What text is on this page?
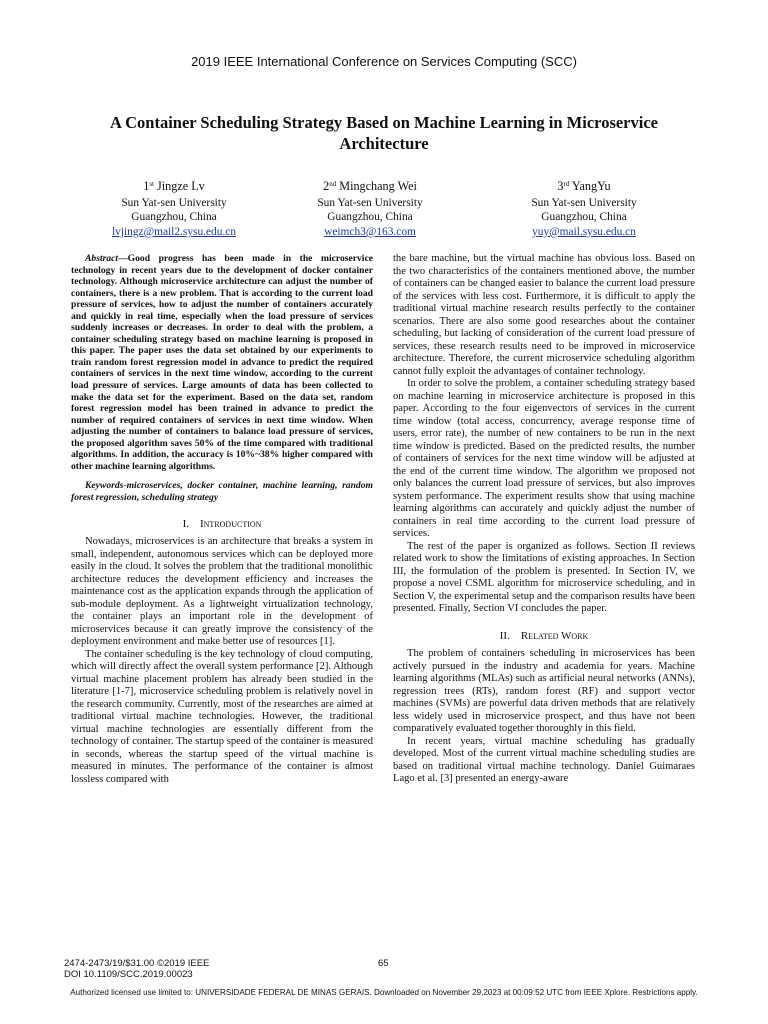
2019 IEEE International Conference on Services Computing (SCC)
A Container Scheduling Strategy Based on Machine Learning in Microservice Architecture
1st Jingze Lv
Sun Yat-sen University
Guangzhou, China
lvjingz@mail2.sysu.edu.cn
2nd Mingchang Wei
Sun Yat-sen University
Guangzhou, China
weimch3@163.com
3rd YangYu
Sun Yat-sen University
Guangzhou, China
yuy@mail.sysu.edu.cn

Abstract—Good progress has been made in the microservice technology in recent years due to the development of docker container technology. Although microservice architecture can adjust the number of containers, there is a new problem. That is according to the current load pressure of services, how to adjust the number of containers accurately and quickly in real time, especially when the load pressure of services suddenly increases or decreases. In order to deal with the problem, a container scheduling strategy based on machine learning is proposed in this paper. The paper uses the data set obtained by our experiments to train random forest regression model in advance to predict the required containers of services in the next time window, according to the current load pressure of services. Large amounts of data has been collected to make the data set for the experiment. Based on the data set, random forest regression model has been trained in advance to predict the number of required containers of services in next time window. When adjusting the number of containers to balance load pressure of services, the proposed algorithm saves 50% of the time compared with traditional algorithms. In addition, the accuracy is 10%~38% higher compared with other machine learning algorithms.

Keywords-microservices, docker container, machine learning, random forest regression, scheduling strategy

I. Introduction

Nowadays, microservices is an architecture that breaks a system in small, independent, autonomous services which can be deployed more easily in the cloud. It solves the problem that the traditional monolithic architecture reduces the development efficiency and increases the maintenance cost as the application expands through the application of sub-module deployment. As a lightweight virtualization technology, the container plays an important role in the development of microservices because it can greatly improve the consistency of the deployment environment and make better use of resources [1].

The container scheduling is the key technology of cloud computing, which will directly affect the overall system performance [2]. Although virtual machine placement problem has already been studied in the literature [1-7], microservice scheduling problem is relatively novel in the research community. Currently, most of the researches are aimed at traditional virtual machine technologies. However, the traditional virtual machine technologies are essentially different from the technology of container. The startup speed of the container is measured in seconds, whereas the startup speed of the virtual machine is measured in minutes. The performance of the container is almost lossless compared with

the bare machine, but the virtual machine has obvious loss. Based on the two characteristics of the containers mentioned above, the number of containers can be changed easier to balance the current load pressure of the services with less cost. Furthermore, it is difficult to apply the traditional virtual machine research results perfectly to the container scenarios. There are also some good researches about the container scheduling, but lacking of consideration of the current load pressure of services, these research results need to be improved in microservice architecture. Therefore, the current microservice scheduling algorithm cannot fully exploit the advantages of container technology.

In order to solve the problem, a container scheduling strategy based on machine learning in microservice architecture is proposed in this paper. According to the four eigenvectors of services in the current time window (total access, concurrency, average response time of users, error rate), the number of new containers to be run in the next time window is predicted. Based on the predicted results, the number of containers of services for the next time window will be adjusted at the end of the current time window. The algorithm we proposed not only balances the current load pressure of services, but also improves system performance. The experiment results show that using machine learning algorithms can accurately and quickly adjust the number of containers in real time according to the current load pressure of services.

The rest of the paper is organized as follows. Section II reviews related work to show the limitations of existing approaches. In Section III, the formulation of the problem is presented. In Section IV, we propose a novel CSML algorithm for microservice scheduling, and in Section V, the experimental setup and the comparison results have been presented. Finally, Section VI concludes the paper.

II. Related Work

The problem of containers scheduling in microservices has been actively pursued in the industry and academia for years. Machine learning algorithms (MLAs) such as artificial neural networks (ANNs), regression trees (RTs), random forest (RF) and support vector machines (SVMs) are powerful data driven methods that are relatively less widely used in microservice prospect, and thus have not been comparatively evaluated together thoroughly in this field.

In recent years, virtual machine scheduling has gradually developed. Most of the current virtual machine scheduling studies are based on traditional virtual machine technology. Daniel Guimaraes Lago et al. [3] presented an energy-aware

2474-2473/19/$31.00 ©2019 IEEE
DOI 10.1109/SCC.2019.00023
65
Authorized licensed use limited to: UNIVERSIDADE FEDERAL DE MINAS GERAIS. Downloaded on November 29,2023 at 00:09:52 UTC from IEEE Xplore. Restrictions apply.
